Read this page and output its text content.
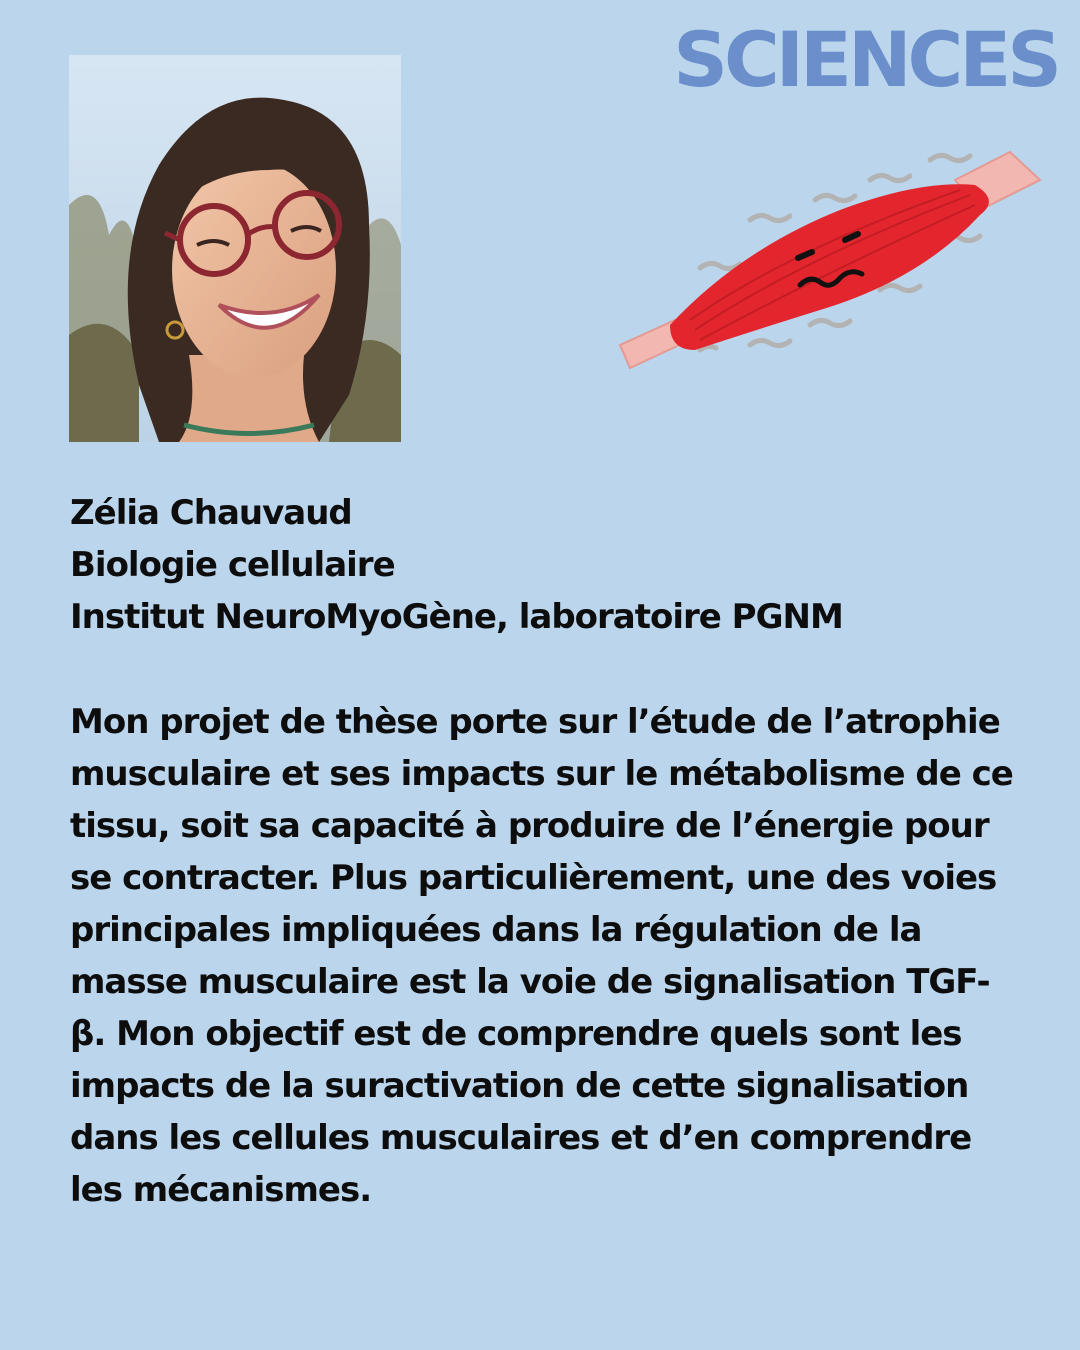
SCIENCES
Zélia Chauvaud
Biologie cellulaire
Institut NeuroMyoGène, laboratoire PGNM

Mon projet de thèse porte sur l’étude de l’atrophie musculaire et ses impacts sur le métabolisme de ce tissu, soit sa capacité à produire de l’énergie pour se contracter. Plus particulièrement, une des voies principales impliquées dans la régulation de la masse musculaire est la voie de signalisation TGF-β. Mon objectif est de comprendre quels sont les impacts de la suractivation de cette signalisation dans les cellules musculaires et d’en comprendre les mécanismes.
